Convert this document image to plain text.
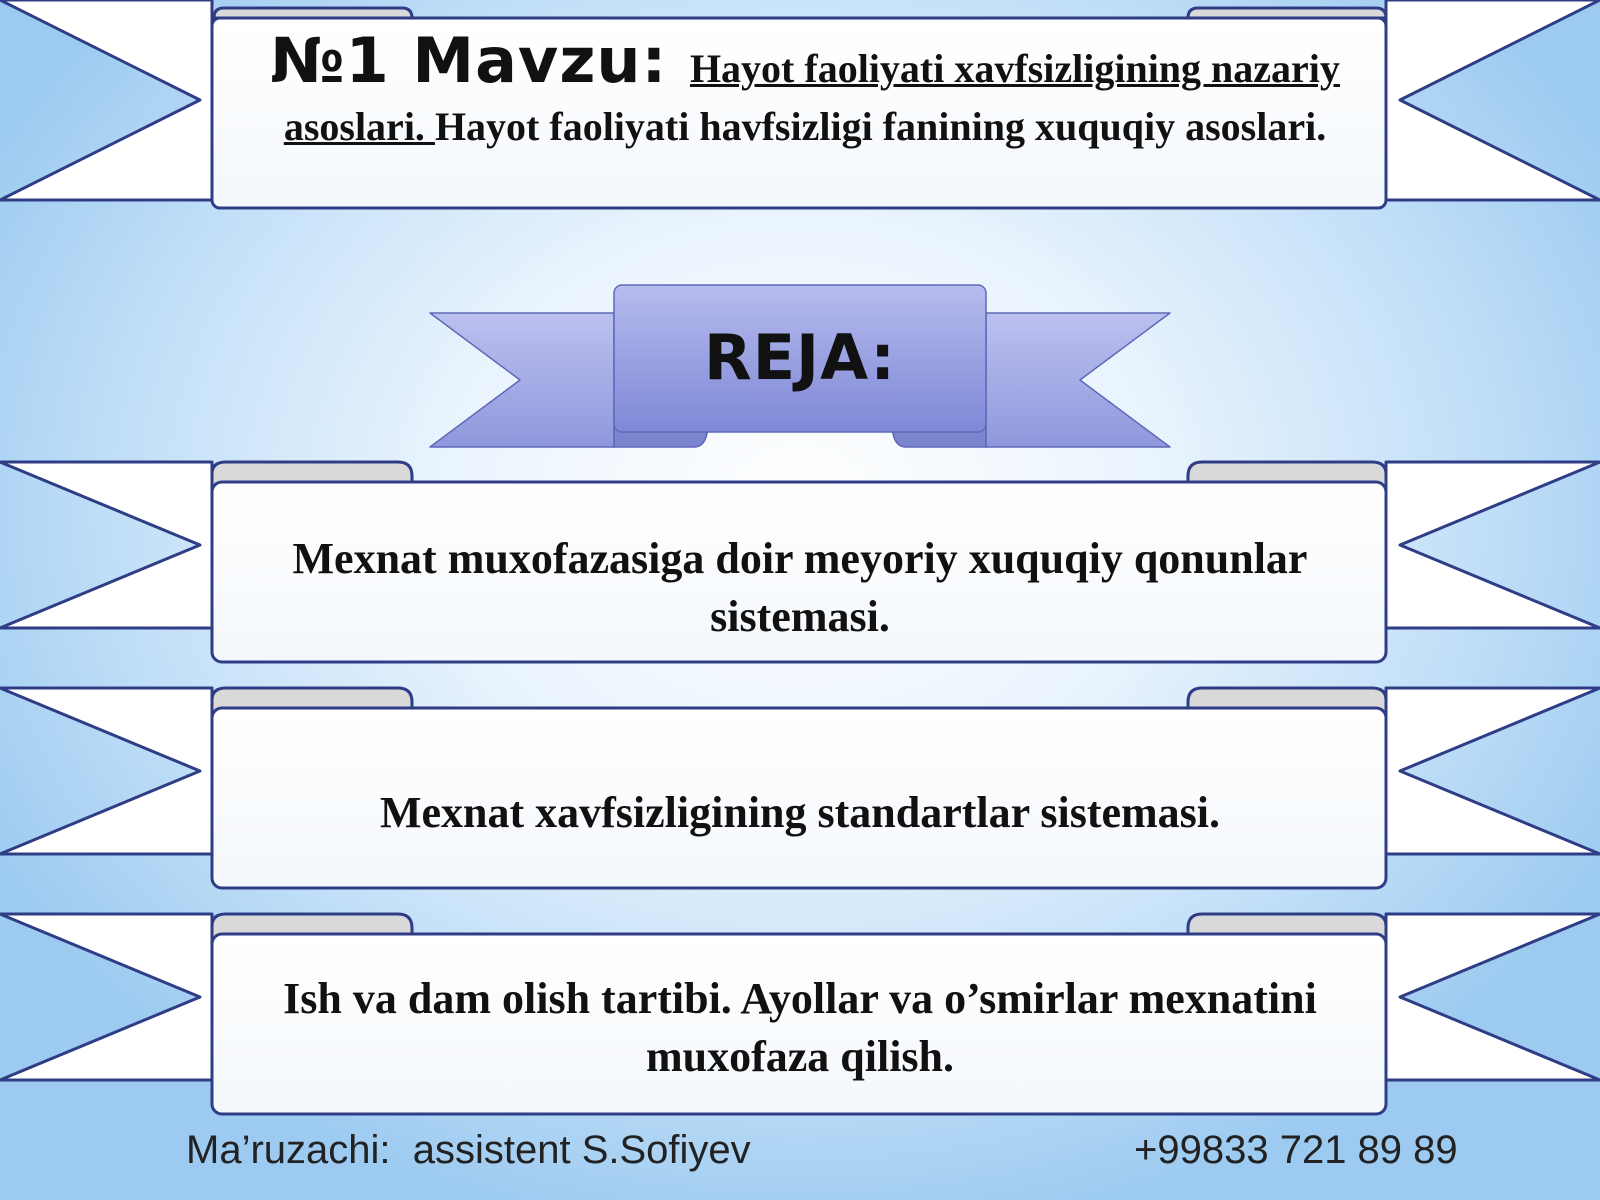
№1 Mavzu: Hayot faoliyati xavfsizligining nazariy asoslari. Hayot faoliyati havfsizligi fanining xuquqiy asoslari.

REJA:

Mexnat muxofazasiga doir meyoriy xuquqiy qonunlar sistemasi.

Mexnat xavfsizligining standartlar sistemasi.

Ish va dam olish tartibi. Ayollar va o’smirlar mexnatini muxofaza qilish.

Ma’ruzachi:  assistent S.Sofiyev	+99833 721 89 89
